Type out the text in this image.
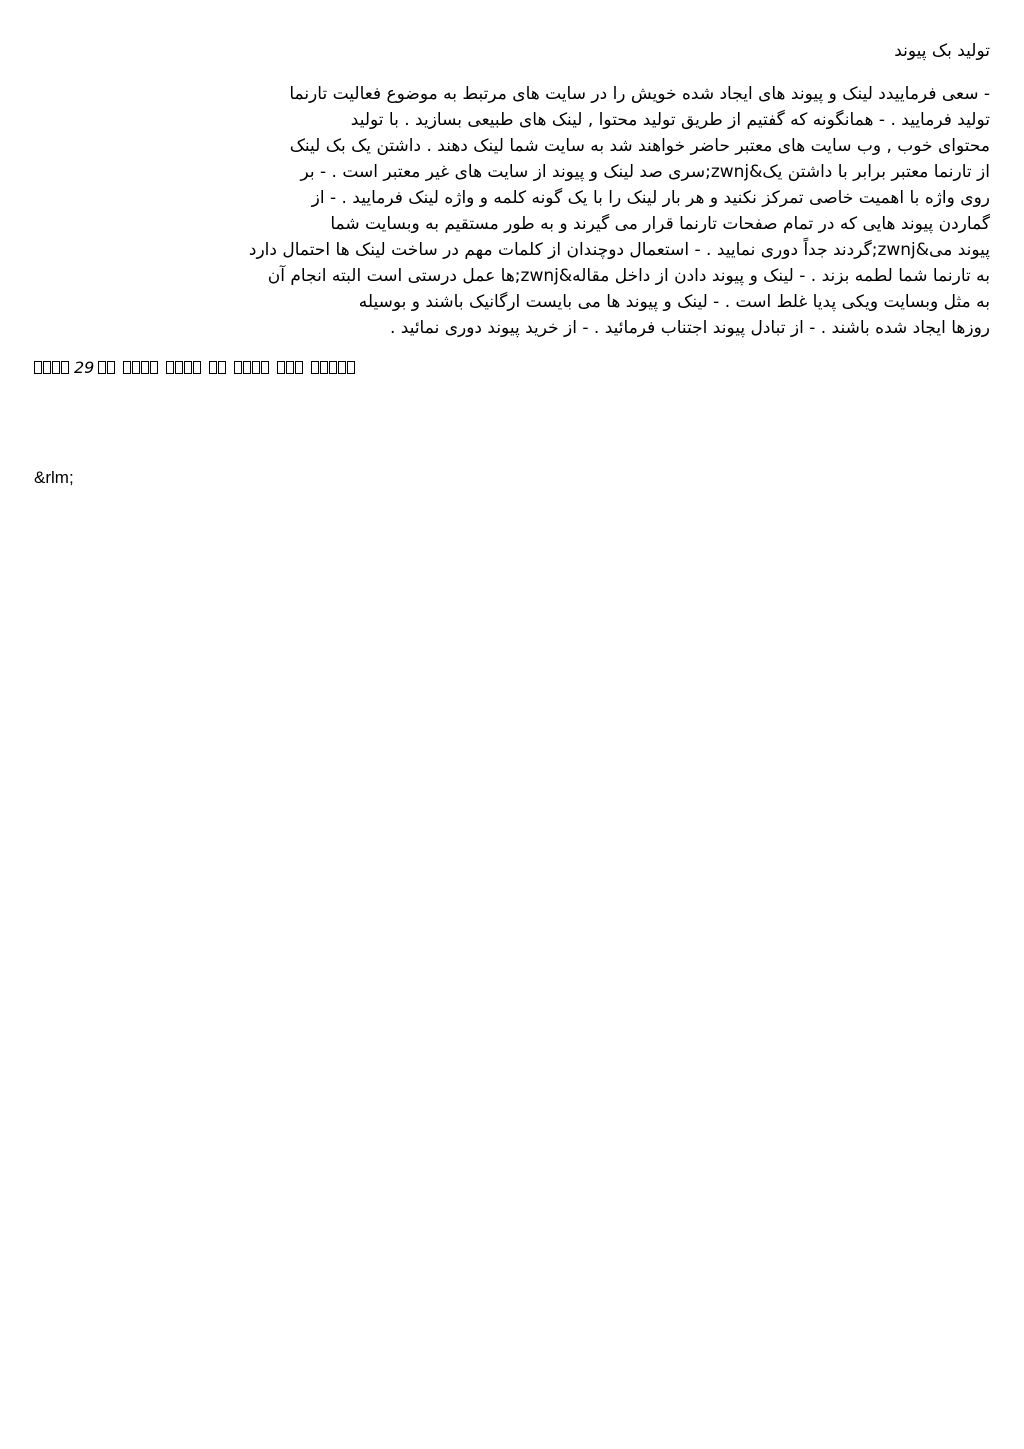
تولید بک پیوند
- سعی فرماییدد لینک و پیوند های ایجاد شده خویش را در سایت های مرتبط به موضوع فعالیت تارنما
تولید فرمایید . - همانگونه که گفتیم از طریق تولید محتوا , لینک های طبیعی بسازید . با تولید
محتوای خوب , وب سایت های معتبر حاضر خواهند شد به سایت شما لینک دهند . داشتن یک بک لینک
از تارنما معتبر برابر با داشتن یک&zwnj;سری صد لینک و پیوند از سایت های غیر معتبر است . - بر
روی واژه با اهمیت خاصی تمرکز نکنید و هر بار لینک را با یک گونه کلمه و واژه لینک فرمایید . - از
گماردن پیوند هایی که در تمام صفحات تارنما قرار می گیرند و به طور مستقیم به وبسایت شما
پیوند می&zwnj;گردند جداً دوری نمایید . - استعمال دوچندان از کلمات مهم در ساخت لینک ها احتمال دارد
به تارنما شما لطمه بزند . - لینک و پیوند دادن از داخل مقاله&zwnj;ها عمل درستی است البته انجام آن
به مثل وبسایت ویکی پدیا غلط است . - لینک و پیوند ها می بایست ارگانیک باشند و بوسیله
روزها ایجاد شده باشند . - از تبادل پیوند اجتناب فرمائید . - از خرید پیوند دوری نمائید .
29
&rlm;
